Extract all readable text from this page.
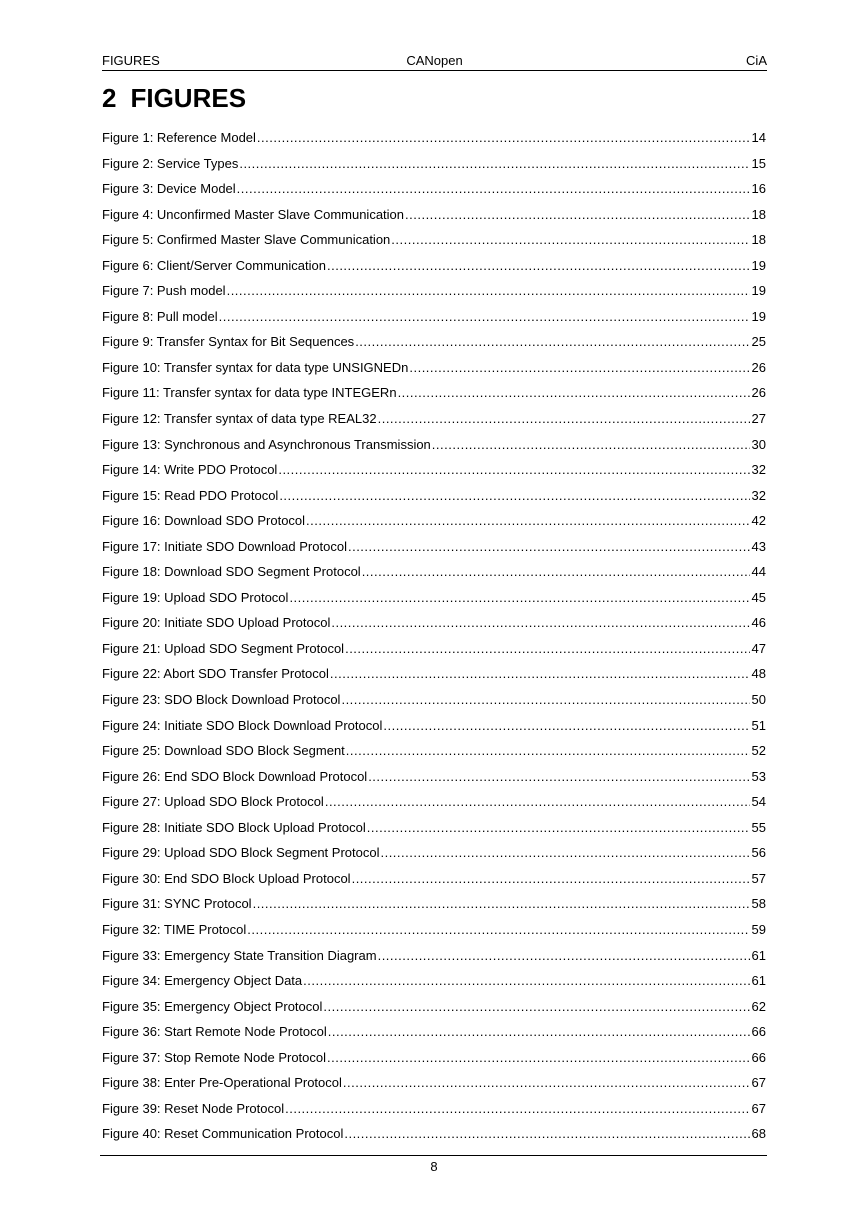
FIGURES	CANopen	CiA
2 FIGURES
Figure 1: Reference Model .....	14
Figure 2: Service Types .....	15
Figure 3: Device Model .....	16
Figure 4: Unconfirmed Master Slave Communication .....	18
Figure 5: Confirmed Master Slave Communication .....	18
Figure 6: Client/Server Communication .....	19
Figure 7: Push model .....	19
Figure 8: Pull model .....	19
Figure 9: Transfer Syntax for Bit Sequences .....	25
Figure 10: Transfer syntax for data type UNSIGNEDn .....	26
Figure 11: Transfer syntax for data type INTEGERn .....	26
Figure 12: Transfer syntax of data type REAL32 .....	27
Figure 13: Synchronous and Asynchronous Transmission .....	30
Figure 14: Write PDO Protocol .....	32
Figure 15: Read PDO Protocol .....	32
Figure 16: Download SDO Protocol .....	42
Figure 17: Initiate SDO Download Protocol .....	43
Figure 18: Download SDO Segment Protocol .....	44
Figure 19: Upload SDO Protocol .....	45
Figure 20: Initiate SDO Upload Protocol .....	46
Figure 21: Upload SDO Segment Protocol .....	47
Figure 22: Abort SDO Transfer Protocol .....	48
Figure 23: SDO Block Download Protocol .....	50
Figure 24: Initiate SDO Block Download Protocol .....	51
Figure 25: Download SDO Block Segment .....	52
Figure 26: End SDO Block Download Protocol .....	53
Figure 27: Upload SDO Block Protocol .....	54
Figure 28: Initiate SDO Block Upload Protocol .....	55
Figure 29: Upload SDO Block Segment Protocol .....	56
Figure 30: End SDO Block Upload Protocol .....	57
Figure 31: SYNC Protocol .....	58
Figure 32: TIME Protocol .....	59
Figure 33: Emergency State Transition Diagram .....	61
Figure 34: Emergency Object Data .....	61
Figure 35: Emergency Object Protocol .....	62
Figure 36: Start Remote Node Protocol .....	66
Figure 37: Stop Remote Node Protocol .....	66
Figure 38: Enter Pre-Operational Protocol .....	67
Figure 39: Reset Node Protocol .....	67
Figure 40: Reset Communication Protocol .....	68
8
